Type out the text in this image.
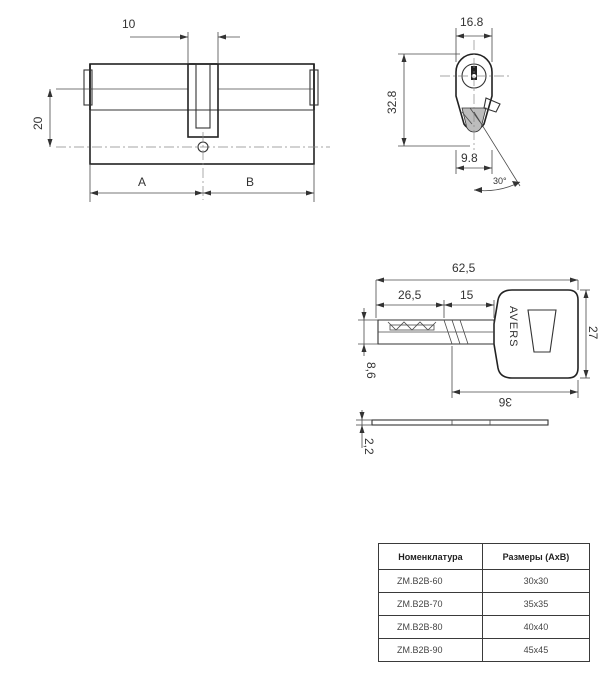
10
20
A	B
16.8
32.8
9.8
30°
AVERS
62,5
26,5	15
27
8,6
36
2,2
Номенклатура	Размеры (АхВ)
ZM.B2B-60	30x30
ZM.B2B-70	35x35
ZM.B2B-80	40x40
ZM.B2B-90	45x45
